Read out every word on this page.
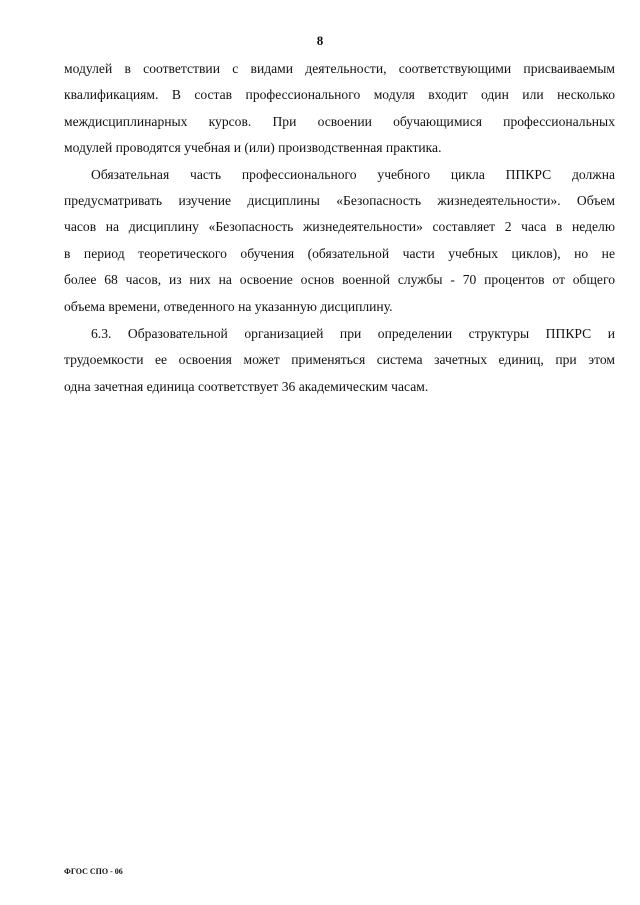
8
модулей в соответствии с видами деятельности, соответствующими присваиваемым
квалификациям. В состав профессионального модуля входит один или несколько
междисциплинарных курсов. При освоении обучающимися профессиональных
модулей проводятся учебная и (или) производственная практика.
Обязательная часть профессионального учебного цикла ППКРС должна
предусматривать изучение дисциплины «Безопасность жизнедеятельности». Объем
часов на дисциплину «Безопасность жизнедеятельности» составляет 2 часа в неделю
в период теоретического обучения (обязательной части учебных циклов), но не
более 68 часов, из них на освоение основ военной службы - 70 процентов от общего
объема времени, отведенного на указанную дисциплину.
6.3. Образовательной организацией при определении структуры ППКРС и
трудоемкости ее освоения может применяться система зачетных единиц, при этом
одна зачетная единица соответствует 36 академическим часам.
ФГОС СПО - 06
